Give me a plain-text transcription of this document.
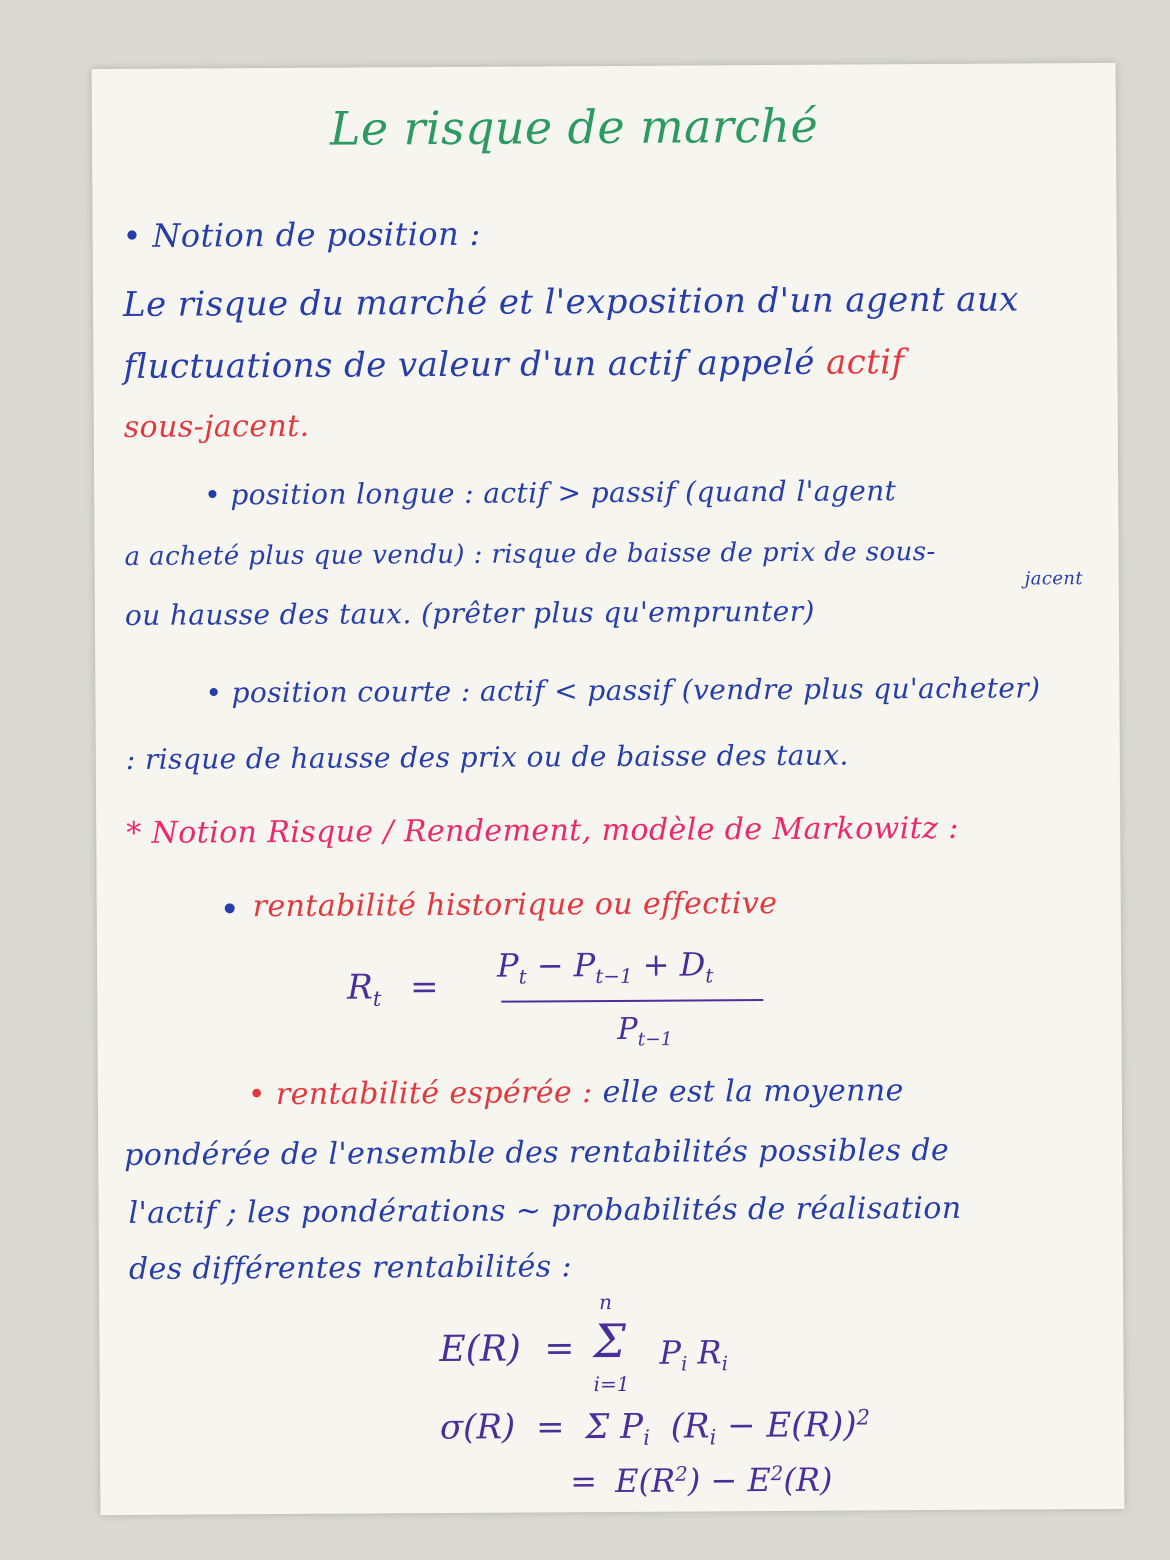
Le risque de marché
• Notion de position :
Le risque du marché et l'exposition d'un agent aux
fluctuations de valeur d'un actif appelé actif
sous-jacent.
• position longue : actif > passif (quand l'agent
a acheté plus que vendu) : risque de baisse de prix de sous-
jacent
ou hausse des taux. (prêter plus qu'emprunter)
• position courte : actif < passif (vendre plus qu'acheter)
: risque de hausse des prix ou de baisse des taux.
* Notion Risque / Rendement, modèle de Markowitz :
rentabilité historique ou effective
$R_t$ =
$P_t - P_{t-1} + D_t$
$P_{t-1}$
• rentabilité espérée : elle est la moyenne
pondérée de l'ensemble des rentabilités possibles de
l'actif ; les pondérations ~ probabilités de réalisation
des différentes rentabilités :
E(R) =
n
Σ
i=1
$P_i$ $R_i$
σ(R) = Σ $P_i$ $(R_i - E(R))^2$
= $E(R^2) - E^2(R)$
